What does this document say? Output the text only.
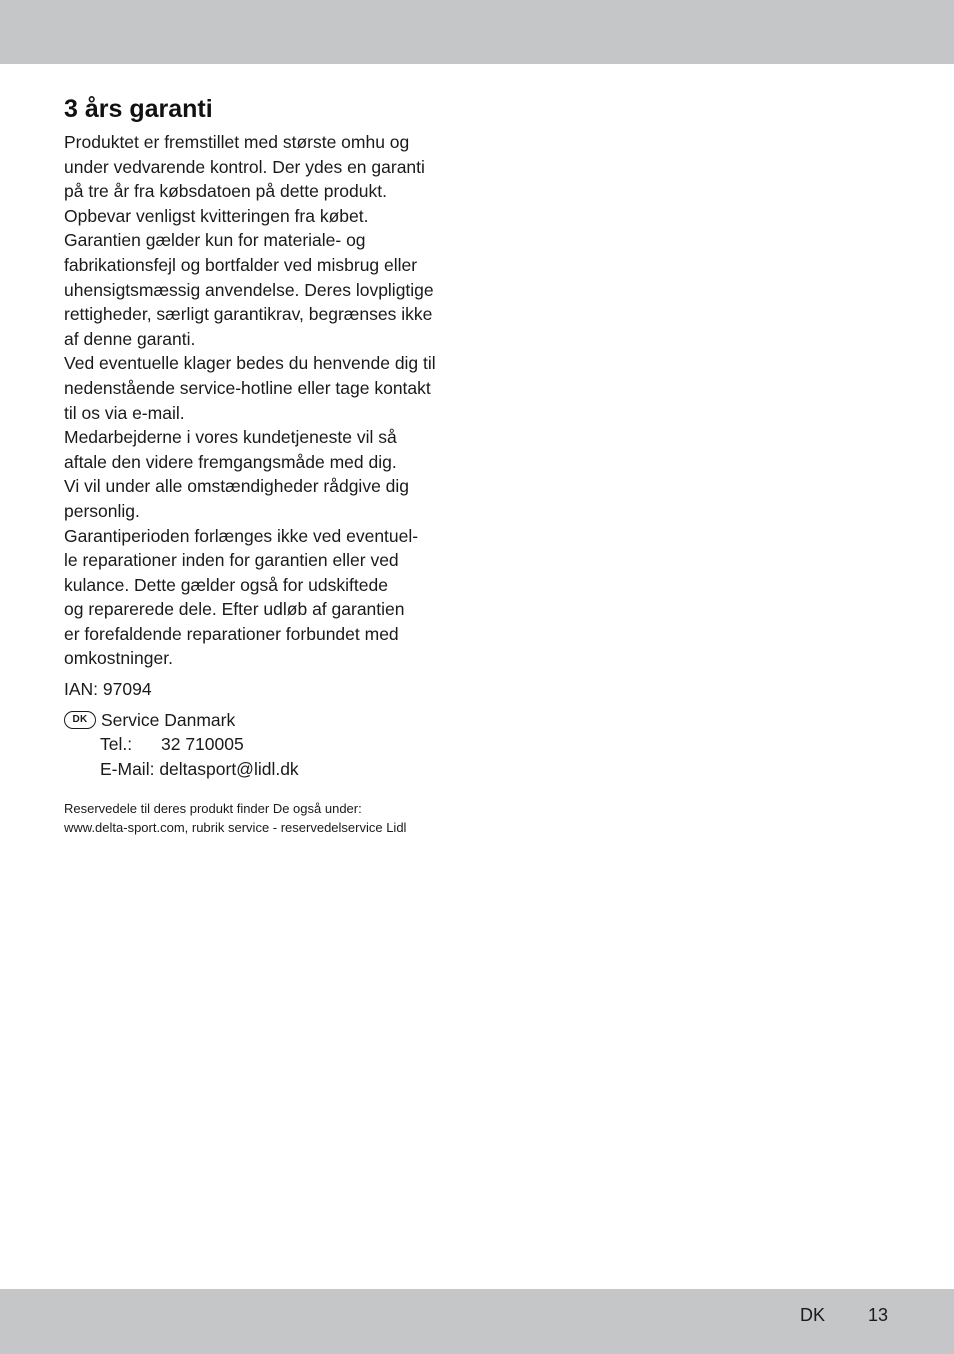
3 års garanti

Produktet er fremstillet med største omhu og
under vedvarende kontrol. Der ydes en garanti
på tre år fra købsdatoen på dette produkt.
Opbevar venligst kvitteringen fra købet.
Garantien gælder kun for materiale- og
fabrikationsfejl og bortfalder ved misbrug eller
uhensigtsmæssig anvendelse. Deres lovpligtige
rettigheder, særligt garantikrav, begrænses ikke
af denne garanti.
Ved eventuelle klager bedes du henvende dig til
nedenstående service-hotline eller tage kontakt
til os via e-mail.
Medarbejderne i vores kundetjeneste vil så
aftale den videre fremgangsmåde med dig.
Vi vil under alle omstændigheder rådgive dig
personlig.
Garantiperioden forlænges ikke ved eventuel-
le reparationer inden for garantien eller ved
kulance. Dette gælder også for udskiftede
og reparerede dele. Efter udløb af garantien
er forefaldende reparationer forbundet med
omkostninger.

IAN: 97094

DK Service Danmark
Tel.:	32 710005
E-Mail:
deltasport@lidl.dk
Reservedele til deres produkt finder De også under:
www.delta-sport.com, rubrik service - reservedelservice Lidl
DK 13
